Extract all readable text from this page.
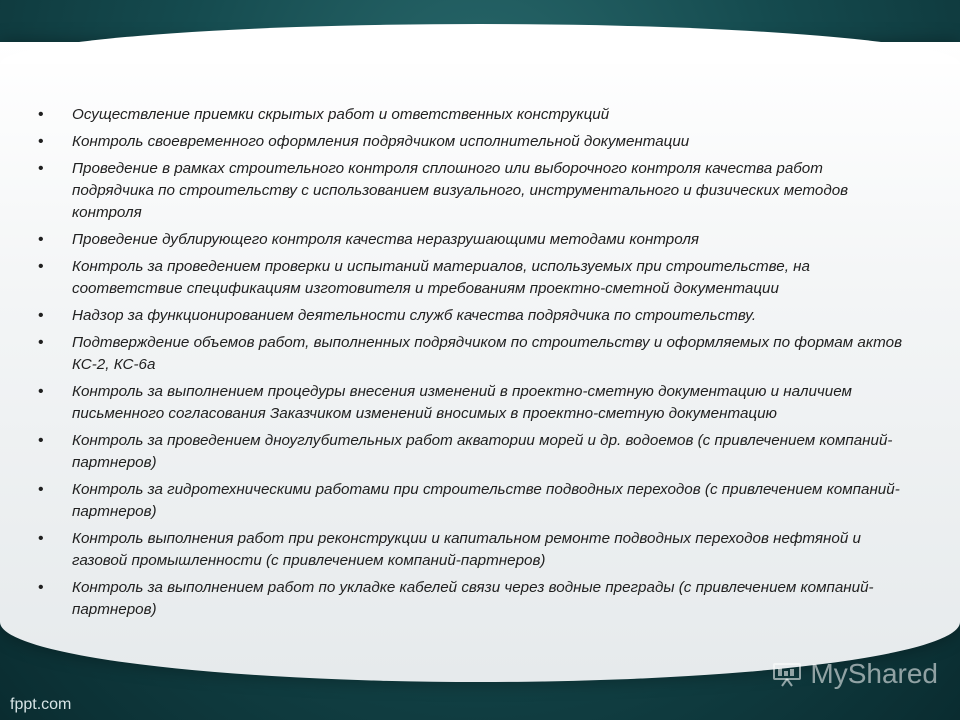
• Осуществление приемки скрытых работ и ответственных конструкций
• Контроль своевременного оформления подрядчиком исполнительной документации
• Проведение в рамках строительного контроля сплошного или выборочного контроля качества работ подрядчика по строительству с использованием визуального, инструментального и физических методов контроля
• Проведение дублирующего контроля качества неразрушающими методами контроля
• Контроль за проведением проверки и испытаний материалов, используемых при строительстве, на соответствие спецификациям изготовителя и требованиям проектно-сметной документации
• Надзор за функционированием деятельности служб качества подрядчика по строительству.
• Подтверждение объемов работ, выполненных подрядчиком по строительству и оформляемых по формам актов КС-2, КС-6а
• Контроль за выполнением процедуры внесения изменений в проектно-сметную документацию и наличием письменного согласования Заказчиком изменений вносимых в проектно-сметную документацию
• Контроль за проведением дноуглубительных работ акватории морей и др. водоемов (с привлечением компаний-партнеров)
• Контроль за гидротехническими работами при строительстве подводных переходов (с привлечением компаний-партнеров)
• Контроль выполнения работ при реконструкции и капитальном ремонте подводных переходов нефтяной и газовой промышленности (с привлечением компаний-партнеров)
• Контроль за выполнением работ по укладке кабелей связи через водные преграды (с привлечением компаний-партнеров)
fppt.com
MyShared
